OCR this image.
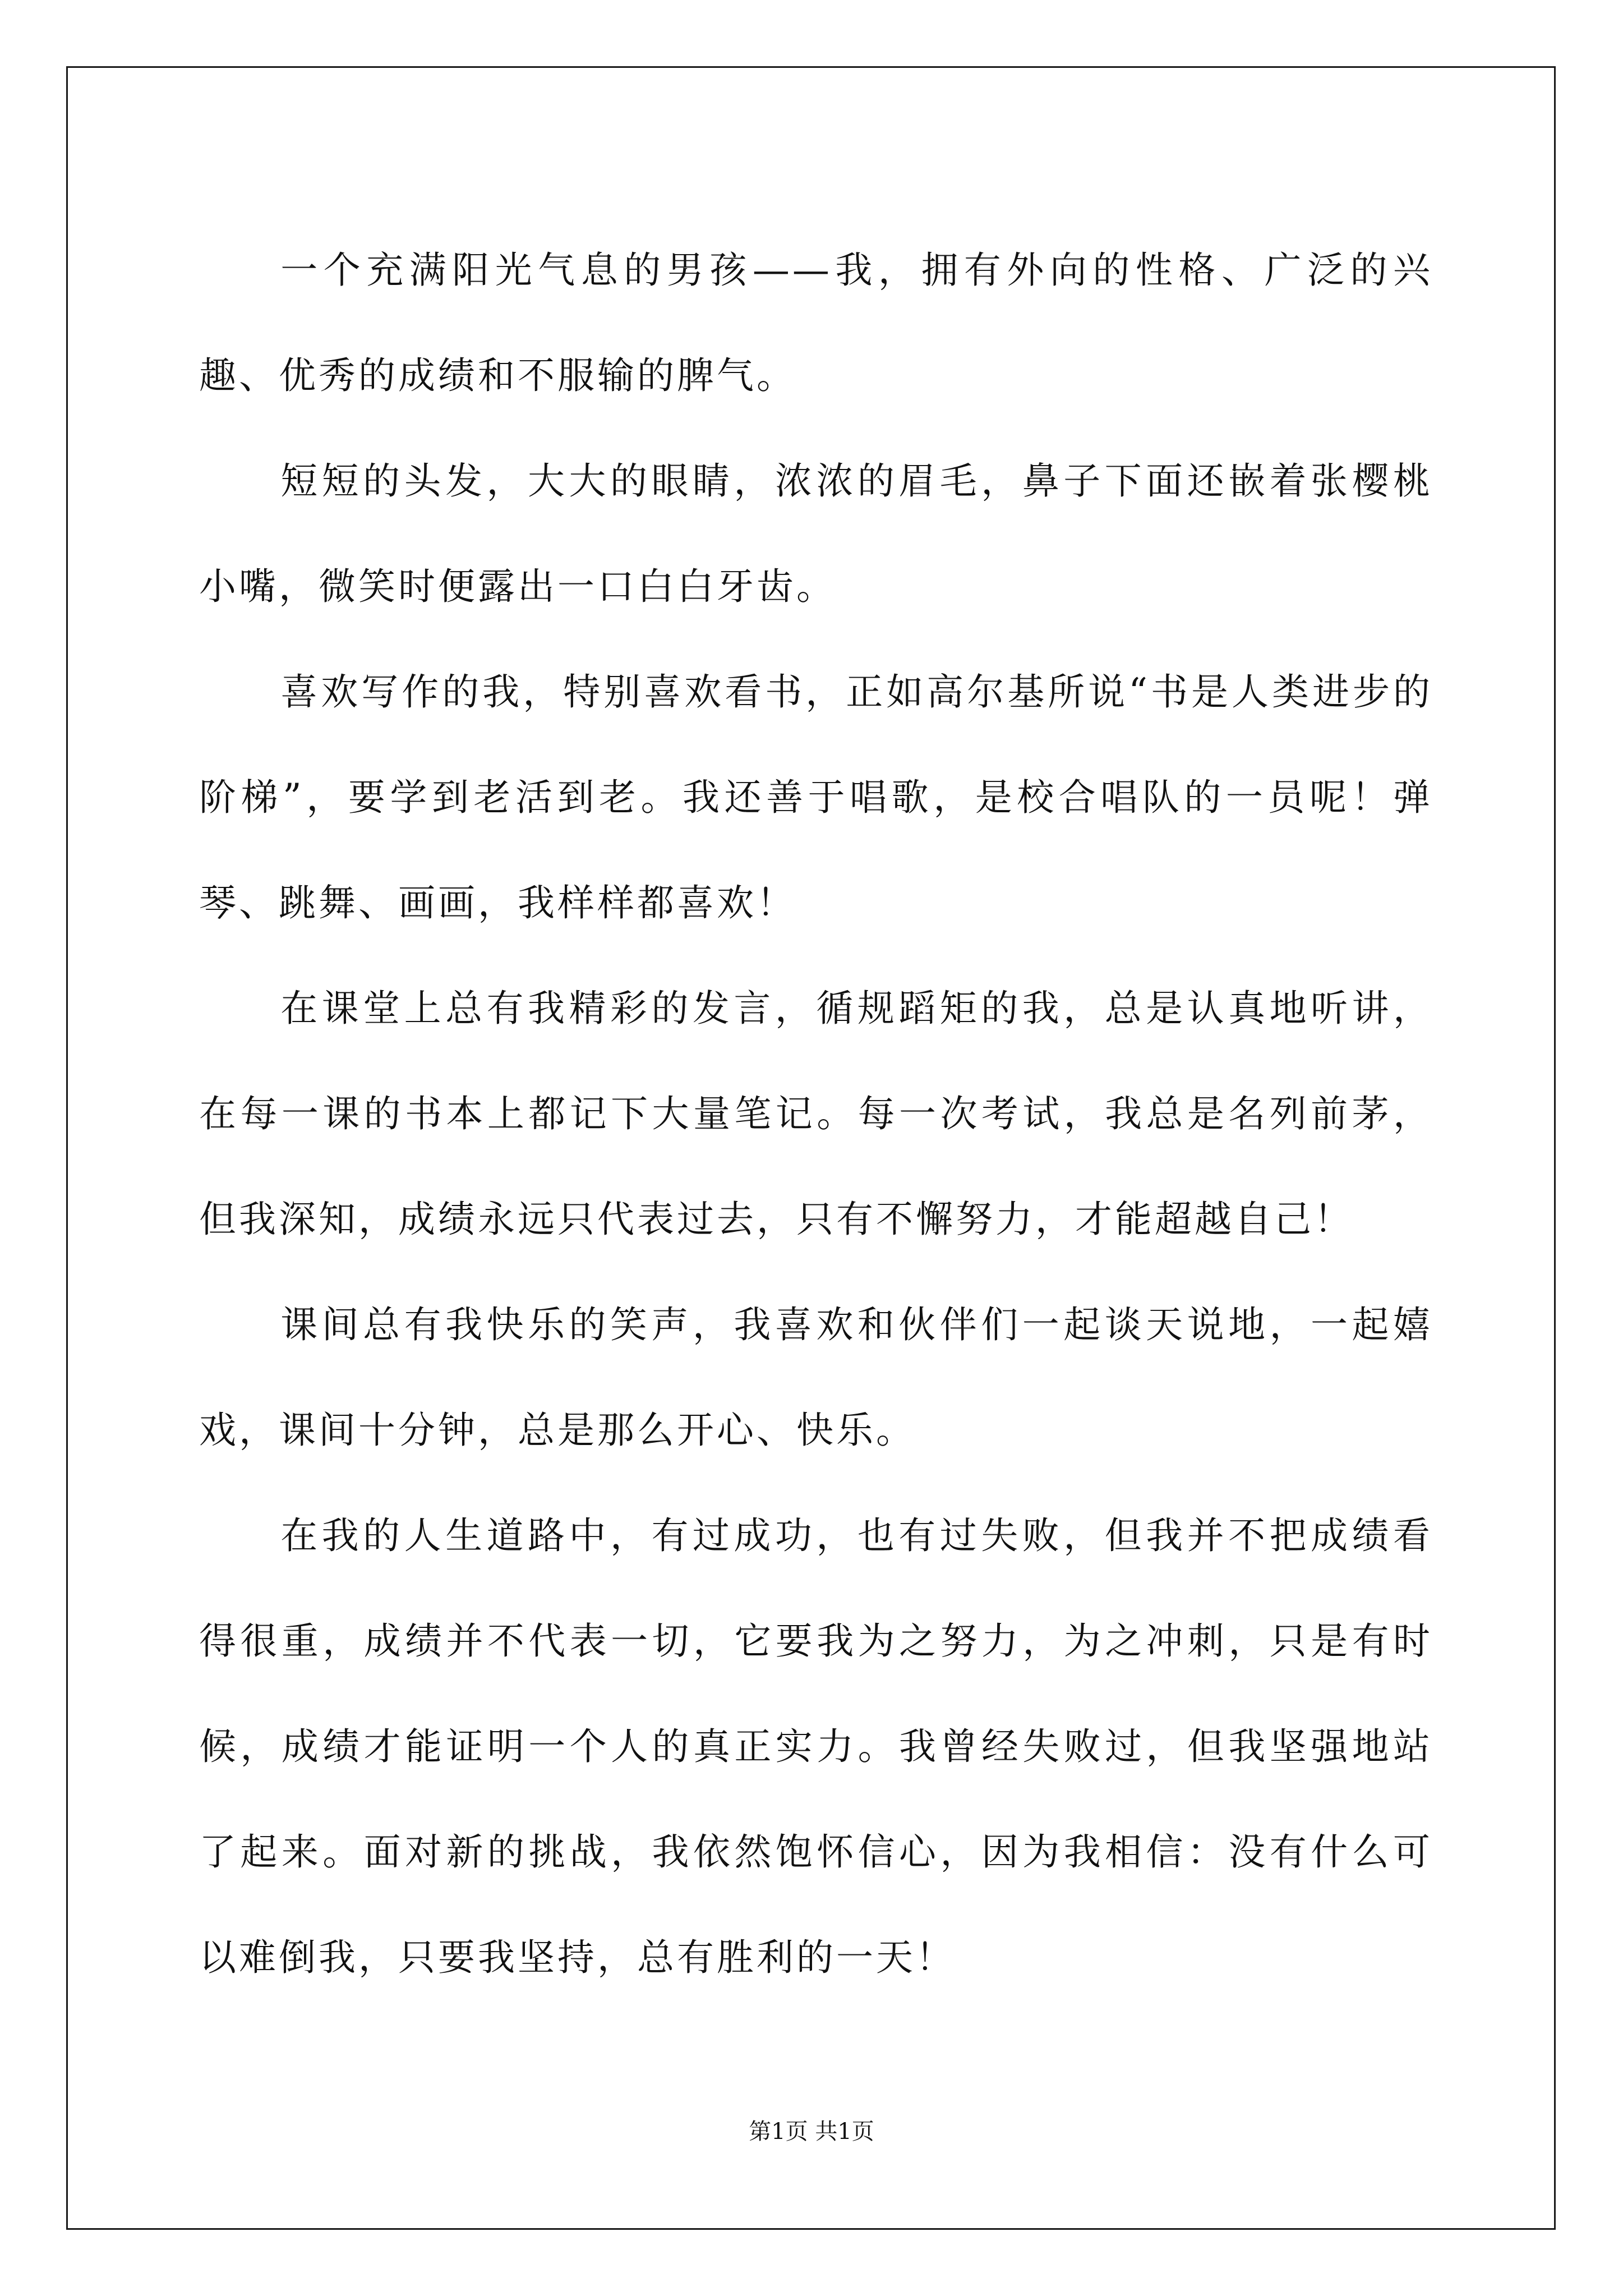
一个充满阳光气息的男孩——我，拥有外向的性格、广泛的兴趣、优秀的成绩和不服输的脾气。

短短的头发，大大的眼睛，浓浓的眉毛，鼻子下面还嵌着张樱桃小嘴，微笑时便露出一口白白牙齿。

喜欢写作的我，特别喜欢看书，正如高尔基所说“书是人类进步的阶梯”，要学到老活到老。我还善于唱歌，是校合唱队的一员呢！弹琴、跳舞、画画，我样样都喜欢！

在课堂上总有我精彩的发言，循规蹈矩的我，总是认真地听讲，在每一课的书本上都记下大量笔记。每一次考试，我总是名列前茅，但我深知，成绩永远只代表过去，只有不懈努力，才能超越自己！

课间总有我快乐的笑声，我喜欢和伙伴们一起谈天说地，一起嬉戏，课间十分钟，总是那么开心、快乐。

在我的人生道路中，有过成功，也有过失败，但我并不把成绩看得很重，成绩并不代表一切，它要我为之努力，为之冲刺，只是有时候，成绩才能证明一个人的真正实力。我曾经失败过，但我坚强地站了起来。面对新的挑战，我依然饱怀信心，因为我相信：没有什么可以难倒我，只要我坚持，总有胜利的一天！

第1页 共1页
